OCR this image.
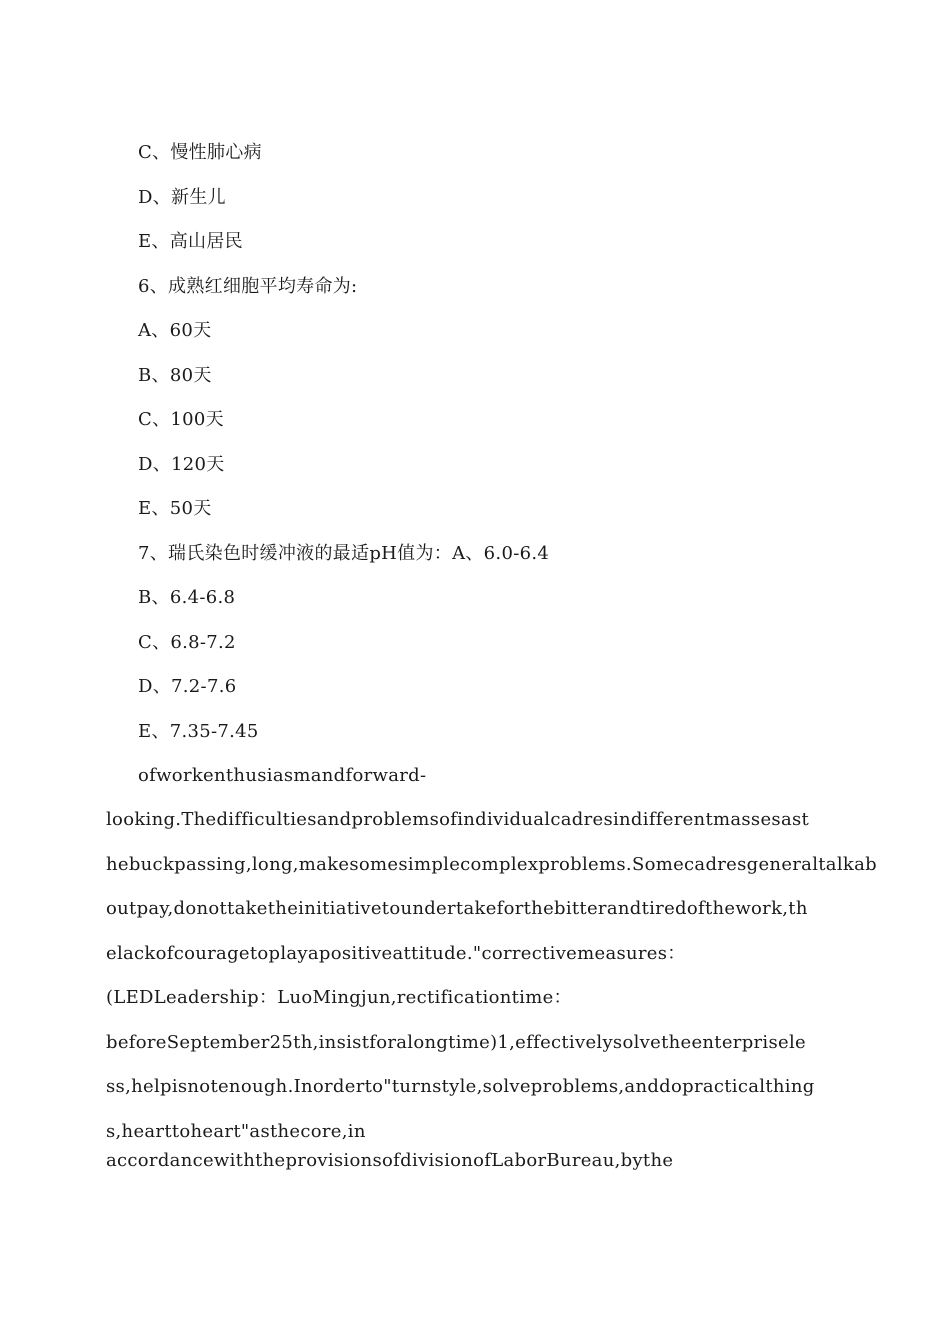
C、慢性肺心病
D、新生儿
E、高山居民
6、成熟红细胞平均寿命为:
A、60天
B、80天
C、100天
D、120天
E、50天
7、瑞氏染色时缓冲液的最适pH值为：A、6.0-6.4
B、6.4-6.8
C、6.8-7.2
D、7.2-7.6
E、7.35-7.45
ofworkenthusiasmandforward-
looking.Thedifficultiesandproblemsofindividualcadresindifferentmassesast
hebuckpassing,long,makesomesimplecomplexproblems.Somecadresgeneraltalkab
outpay,donottaketheinitiativetoundertakeforthebitterandtiredofthework,th
elackofcouragetoplayapositiveattitude."correctivemeasures：
(LEDLeadership：LuoMingjun,rectificationtime：
beforeSeptember25th,insistforalongtime)1,effectivelysolvetheenterprisele
ss,helpisnotenough.Inorderto"turnstyle,solveproblems,anddopracticalthing
s,hearttoheart"asthecore,in
accordancewiththeprovisionsofdivisionofLaborBureau,bythe
